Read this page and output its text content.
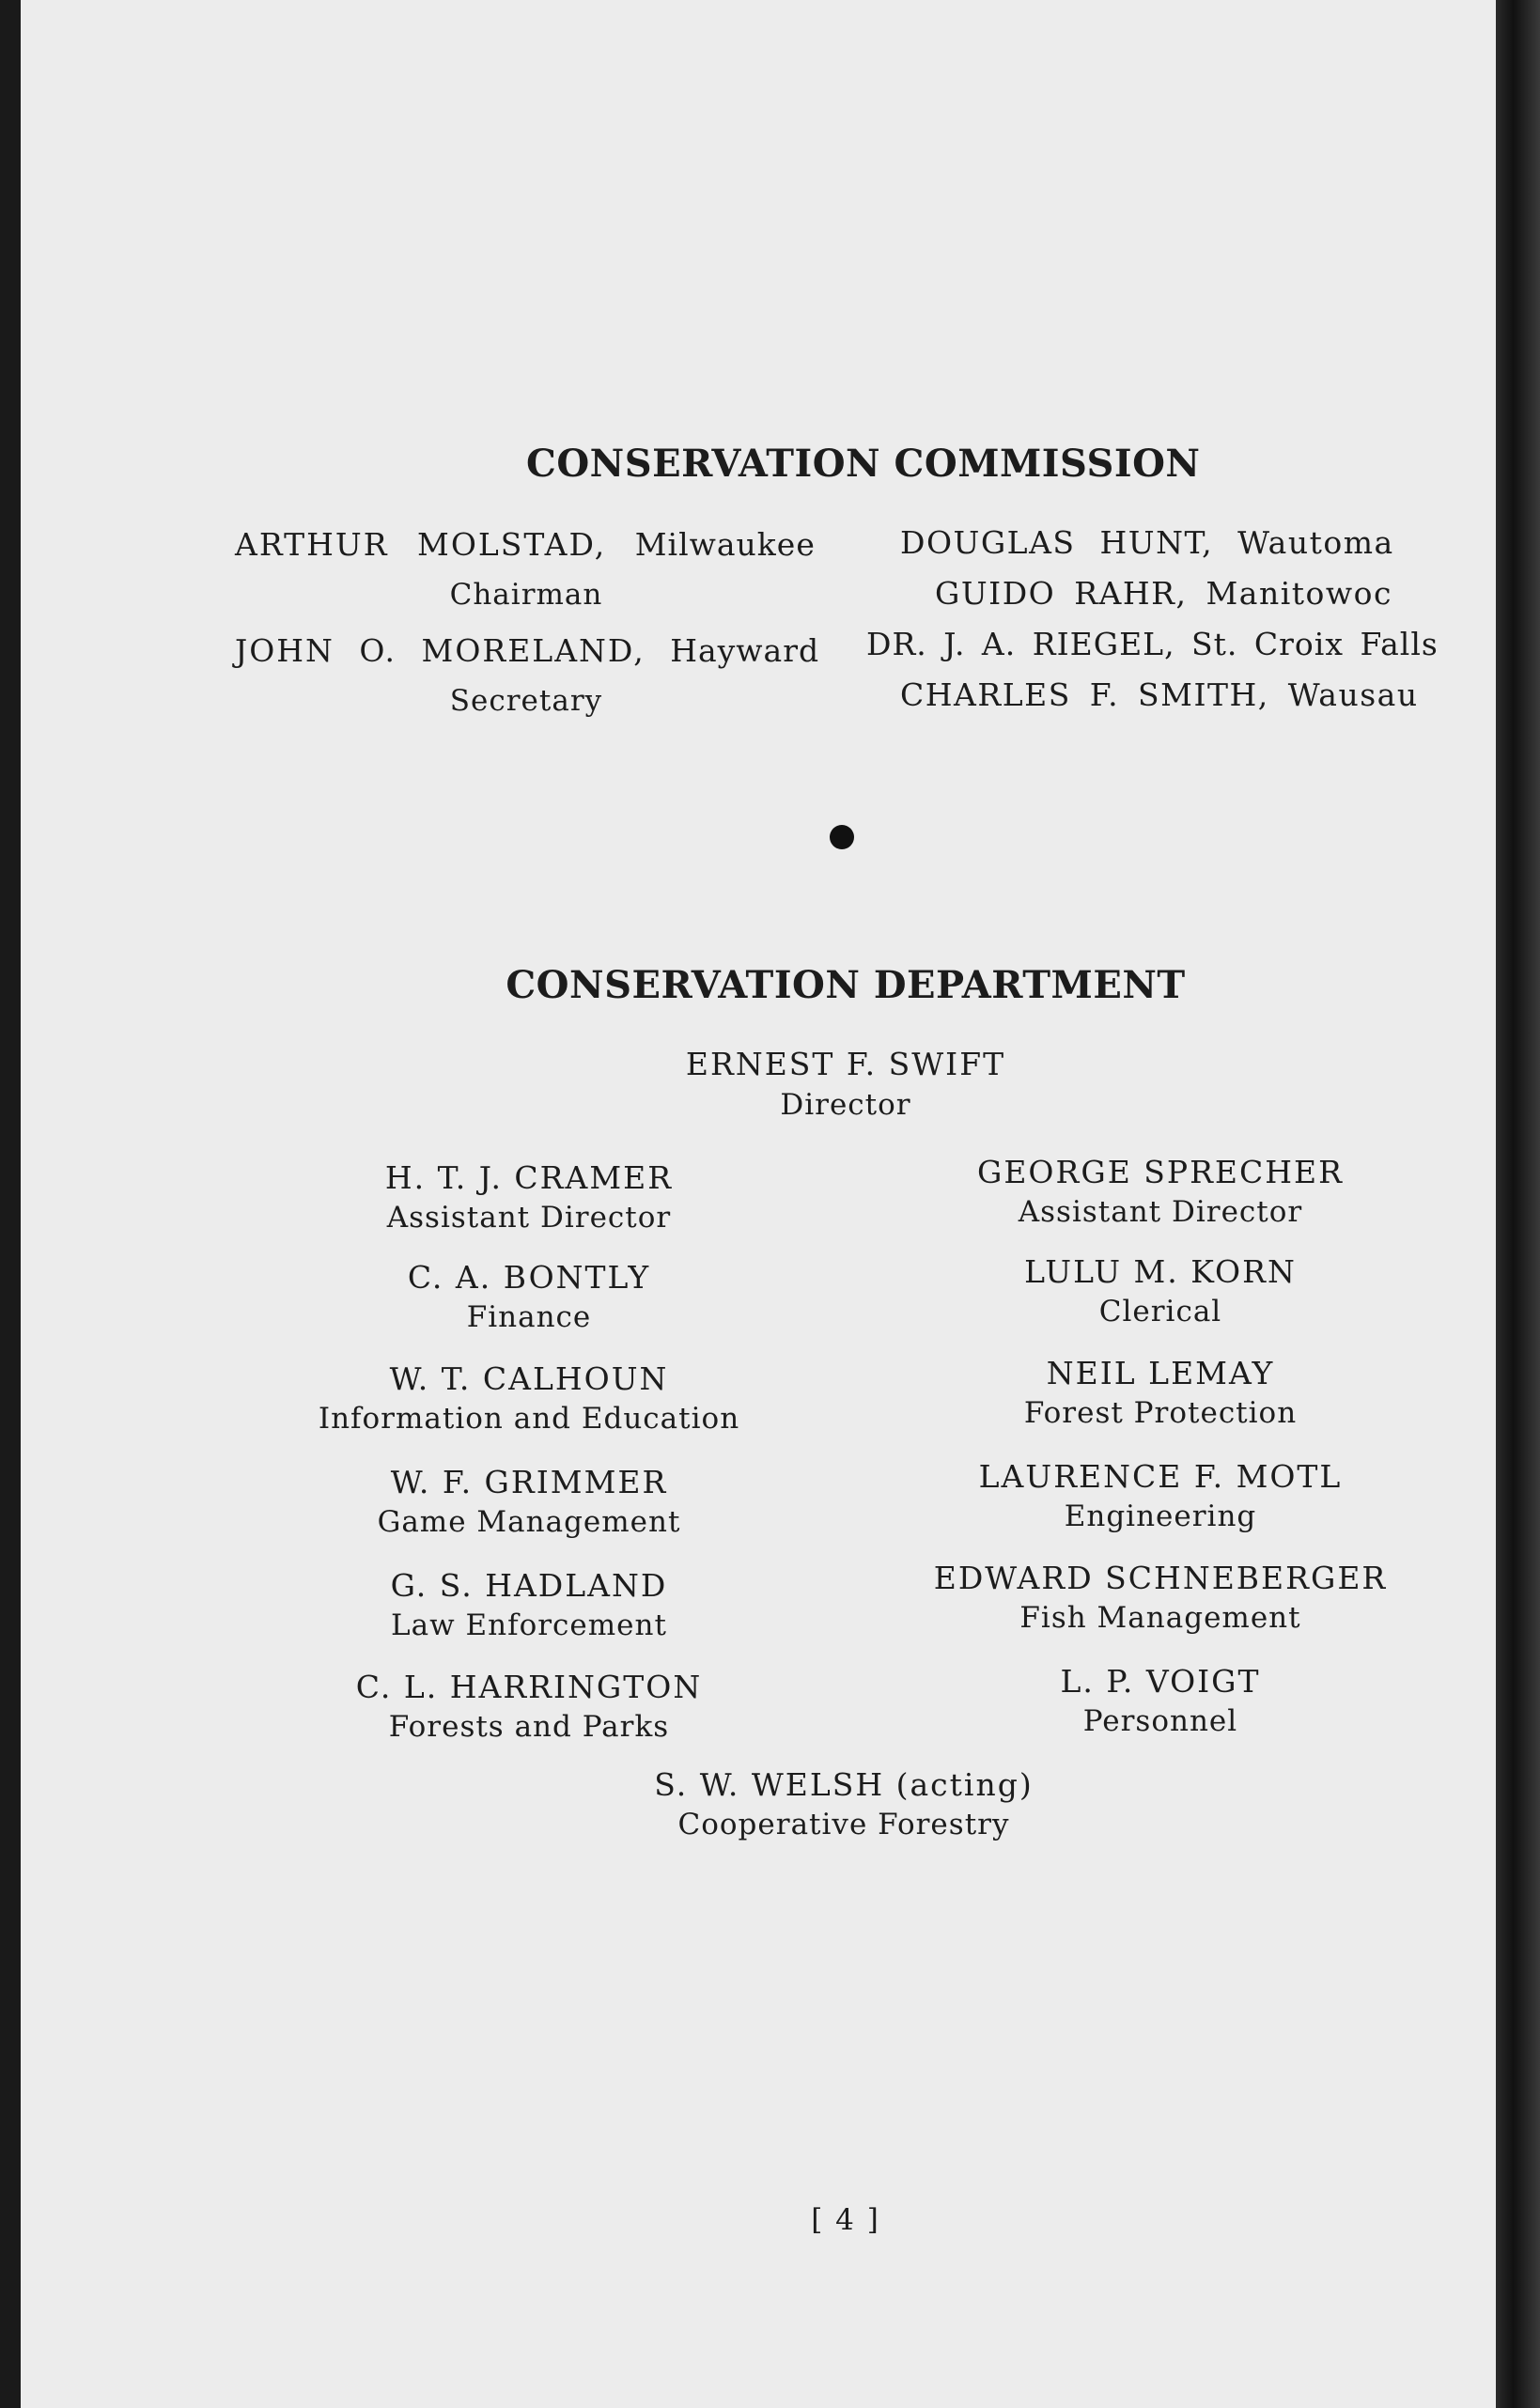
CONSERVATION COMMISSION
ARTHUR MOLSTAD, Milwaukee
Chairman
JOHN O. MORELAND, Hayward
Secretary
DOUGLAS HUNT, Wautoma
GUIDO RAHR, Manitowoc
DR. J. A. RIEGEL, St. Croix Falls
CHARLES F. SMITH, Wausau
CONSERVATION DEPARTMENT
ERNEST F. SWIFT
Director
H. T. J. CRAMER
Assistant Director
C. A. BONTLY
Finance
W. T. CALHOUN
Information and Education
W. F. GRIMMER
Game Management
G. S. HADLAND
Law Enforcement
C. L. HARRINGTON
Forests and Parks
GEORGE SPRECHER
Assistant Director
LULU M. KORN
Clerical
NEIL LEMAY
Forest Protection
LAURENCE F. MOTL
Engineering
EDWARD SCHNEBERGER
Fish Management
L. P. VOIGT
Personnel
S. W. WELSH (acting)
Cooperative Forestry
[ 4 ]
